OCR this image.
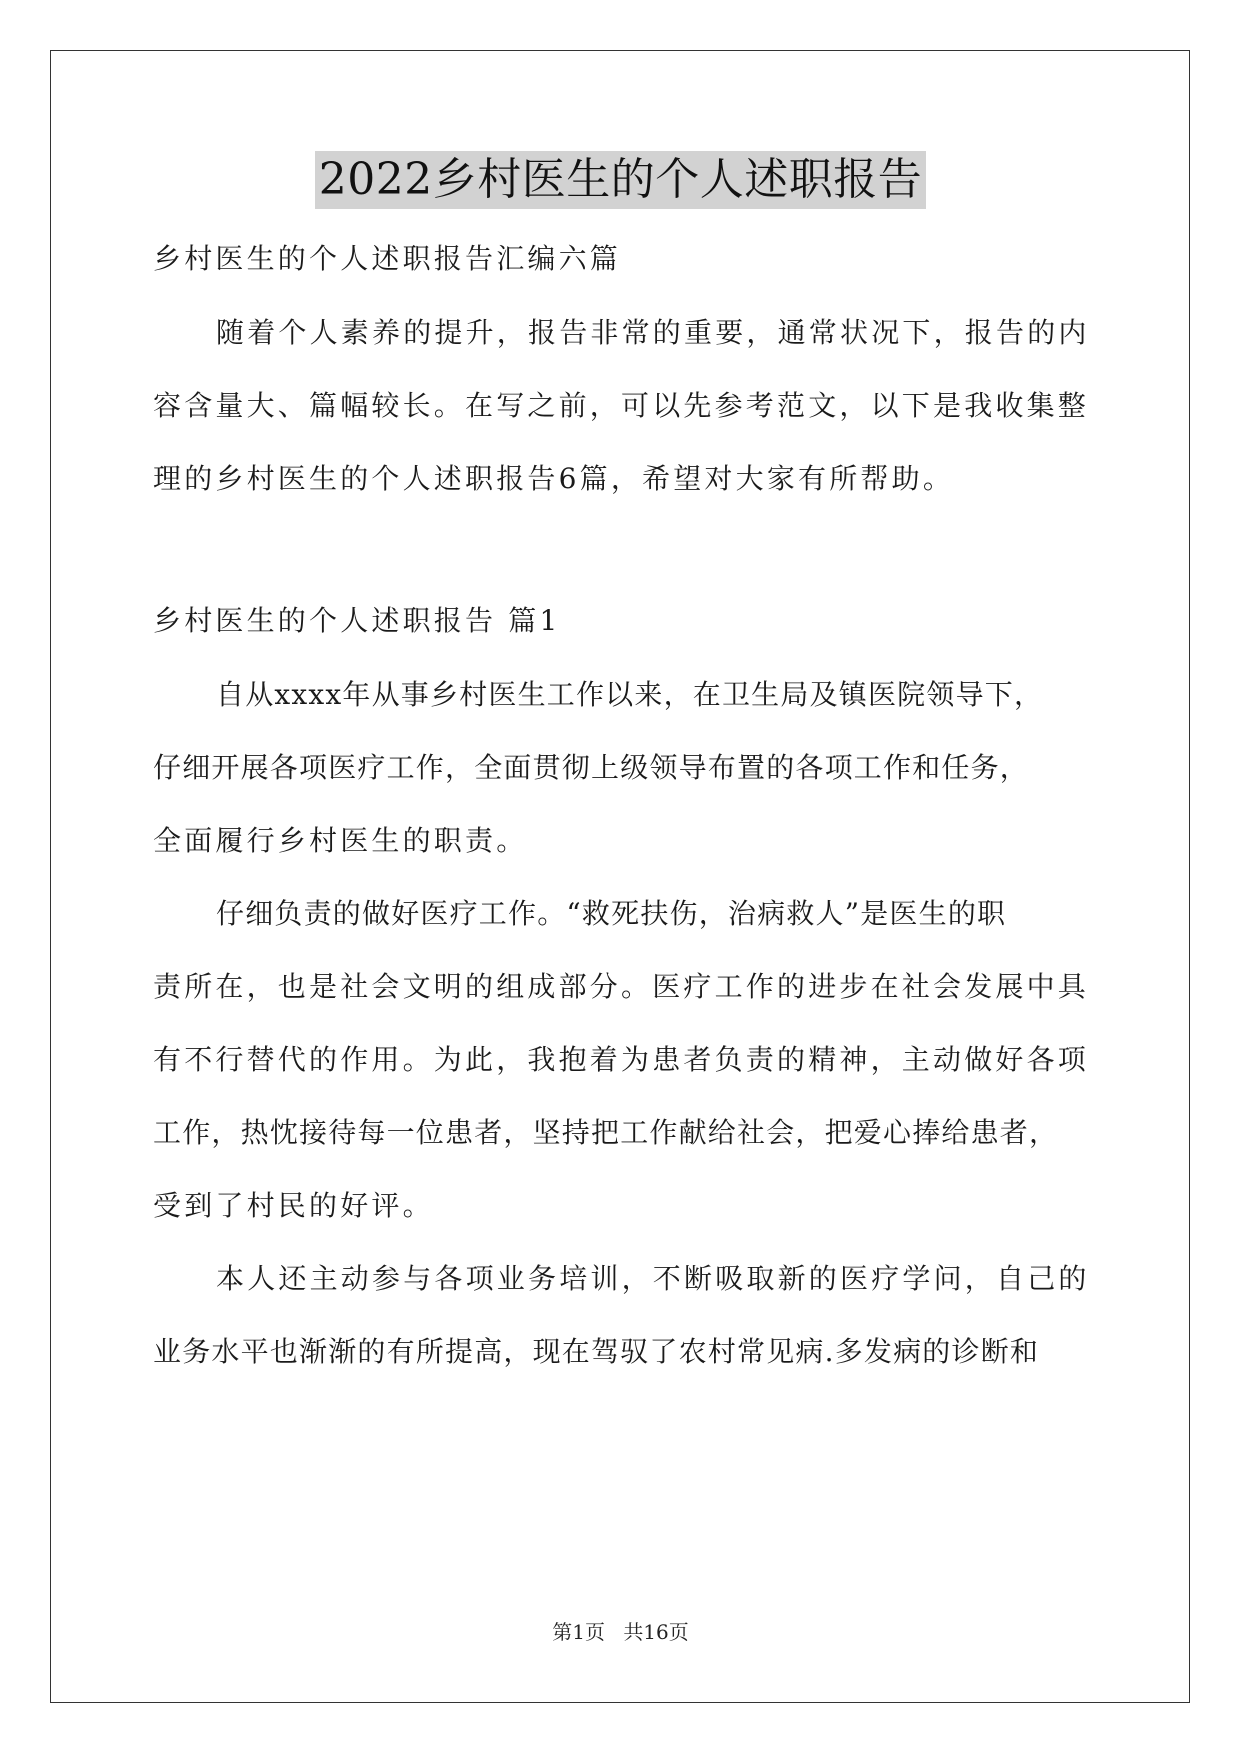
2022乡村医生的个人述职报告
乡村医生的个人述职报告汇编六篇
随着个人素养的提升，报告非常的重要，通常状况下，报告的内
容含量大、篇幅较长。在写之前，可以先参考范文，以下是我收集整
理的乡村医生的个人述职报告6篇，希望对大家有所帮助。
乡村医生的个人述职报告 篇1
自从xxxx年从事乡村医生工作以来，在卫生局及镇医院领导下，
仔细开展各项医疗工作，全面贯彻上级领导布置的各项工作和任务，
全面履行乡村医生的职责。
仔细负责的做好医疗工作。“救死扶伤，治病救人”是医生的职
责所在，也是社会文明的组成部分。医疗工作的进步在社会发展中具
有不行替代的作用。为此，我抱着为患者负责的精神，主动做好各项
工作，热忱接待每一位患者，坚持把工作献给社会，把爱心捧给患者，
受到了村民的好评。
本人还主动参与各项业务培训，不断吸取新的医疗学问，自己的
业务水平也渐渐的有所提高，现在驾驭了农村常见病.多发病的诊断和
第1页 共16页
